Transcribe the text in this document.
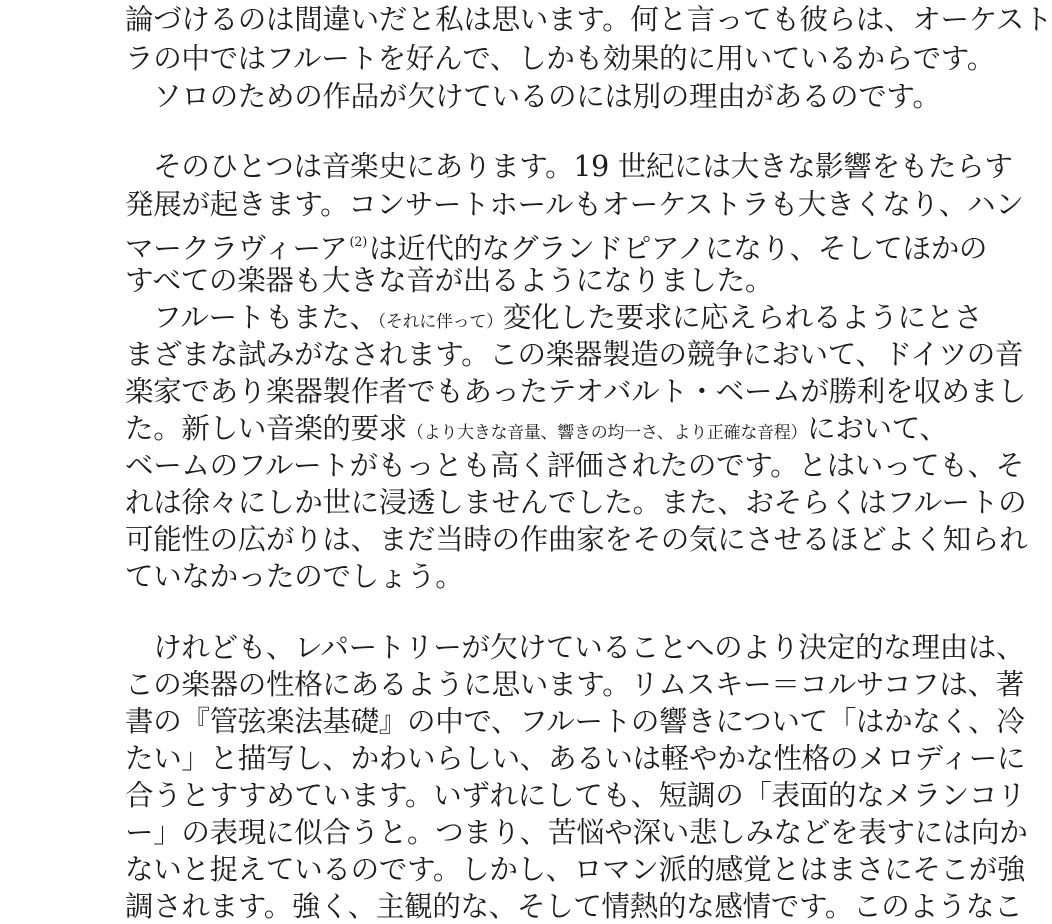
論づけるのは間違いだと私は思います。何と言っても彼らは、オーケスト
ラの中ではフルートを好んで、しかも効果的に用いているからです。
　ソロのための作品が欠けているのには別の理由があるのです。
　そのひとつは音楽史にあります。19 世紀には大きな影響をもたらす
発展が起きます。コンサートホールもオーケストラも大きくなり、ハン
マークラヴィーア $^{(2)}$は近代的なグランドピアノになり、そしてほかの
すべての楽器も大きな音が出るようになりました。
　フルートもまた、（それに伴って）変化した要求に応えられるようにとさ
まざまな試みがなされます。この楽器製造の競争において、ドイツの音
楽家であり楽器製作者でもあったテオバルト・ベームが勝利を収めまし
た。新しい音楽的要求（より大きな音量、響きの均一さ、より正確な音程）において、
ベームのフルートがもっとも高く評価されたのです。とはいっても、そ
れは徐々にしか世に浸透しませんでした。また、おそらくはフルートの
可能性の広がりは、まだ当時の作曲家をその気にさせるほどよく知られ
ていなかったのでしょう。
　けれども、レパートリーが欠けていることへのより決定的な理由は、
この楽器の性格にあるように思います。リムスキー＝コルサコフは、著
書の『管弦楽法基礎』の中で、フルートの響きについて「はかなく、冷
たい」と描写し、かわいらしい、あるいは軽やかな性格のメロディーに
合うとすすめています。いずれにしても、短調の「表面的なメランコリ
ー」の表現に似合うと。つまり、苦悩や深い悲しみなどを表すには向か
ないと捉えているのです。しかし、ロマン派的感覚とはまさにそこが強
調されます。強く、主観的な、そして情熱的な感情です。このようなこ
